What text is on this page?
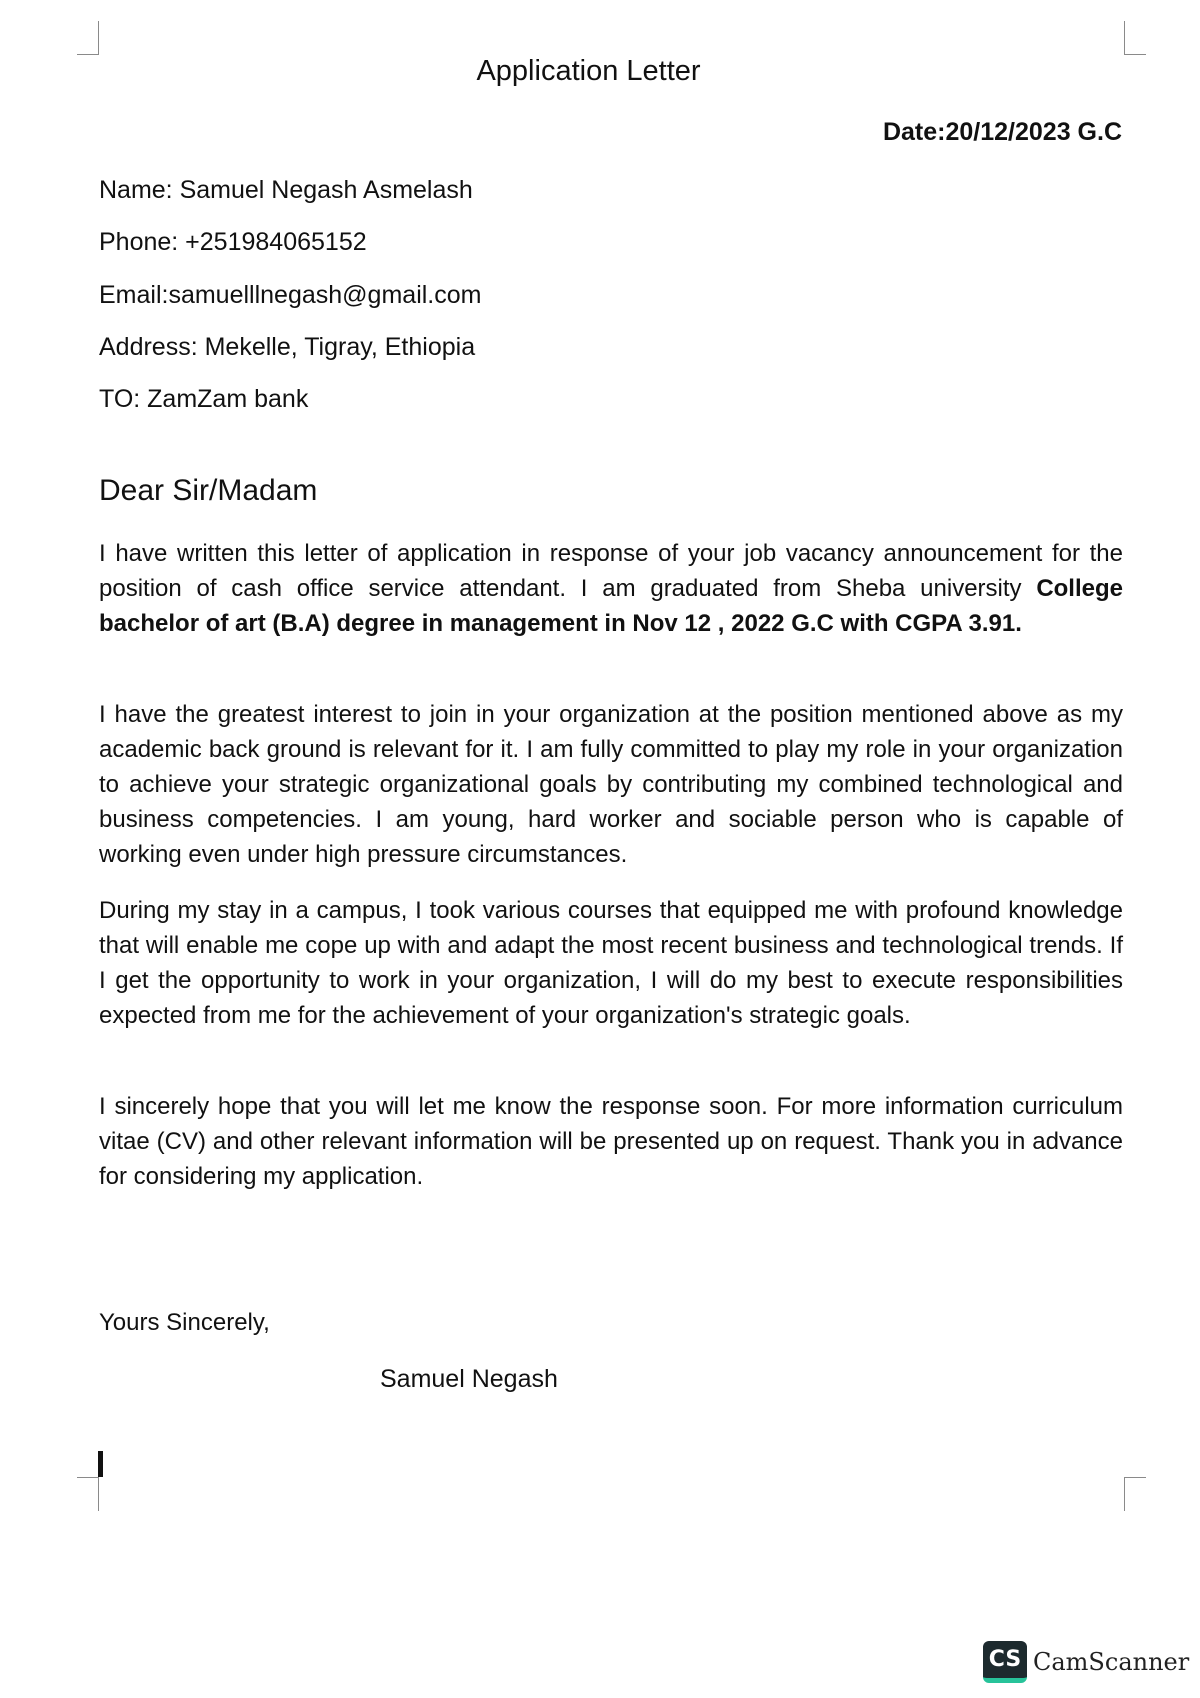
Application Letter
Date:20/12/2023 G.C
Name: Samuel Negash Asmelash
Phone: +251984065152
Email:samuelllnegash@gmail.com
Address: Mekelle, Tigray, Ethiopia
TO: ZamZam bank
Dear Sir/Madam
I have written this letter of application in response of your job vacancy announcement for the position of cash office service attendant. I am graduated from Sheba university College bachelor of art (B.A) degree in management in Nov 12 , 2022 G.C with CGPA 3.91.
I have the greatest interest to join in your organization at the position mentioned above as my academic back ground is relevant for it. I am fully committed to play my role in your organization to achieve your strategic organizational goals by contributing my combined technological and business competencies. I am young, hard worker and sociable person who is capable of working even under high pressure circumstances.
During my stay in a campus, I took various courses that equipped me with profound knowledge that will enable me cope up with and adapt the most recent business and technological trends. If I get the opportunity to work in your organization, I will do my best to execute responsibilities expected from me for the achievement of your organization's strategic goals.
I sincerely hope that you will let me know the response soon. For more information curriculum vitae (CV) and other relevant information will be presented up on request. Thank you in advance for considering my application.
Yours Sincerely,
Samuel Negash
CS CamScanner
